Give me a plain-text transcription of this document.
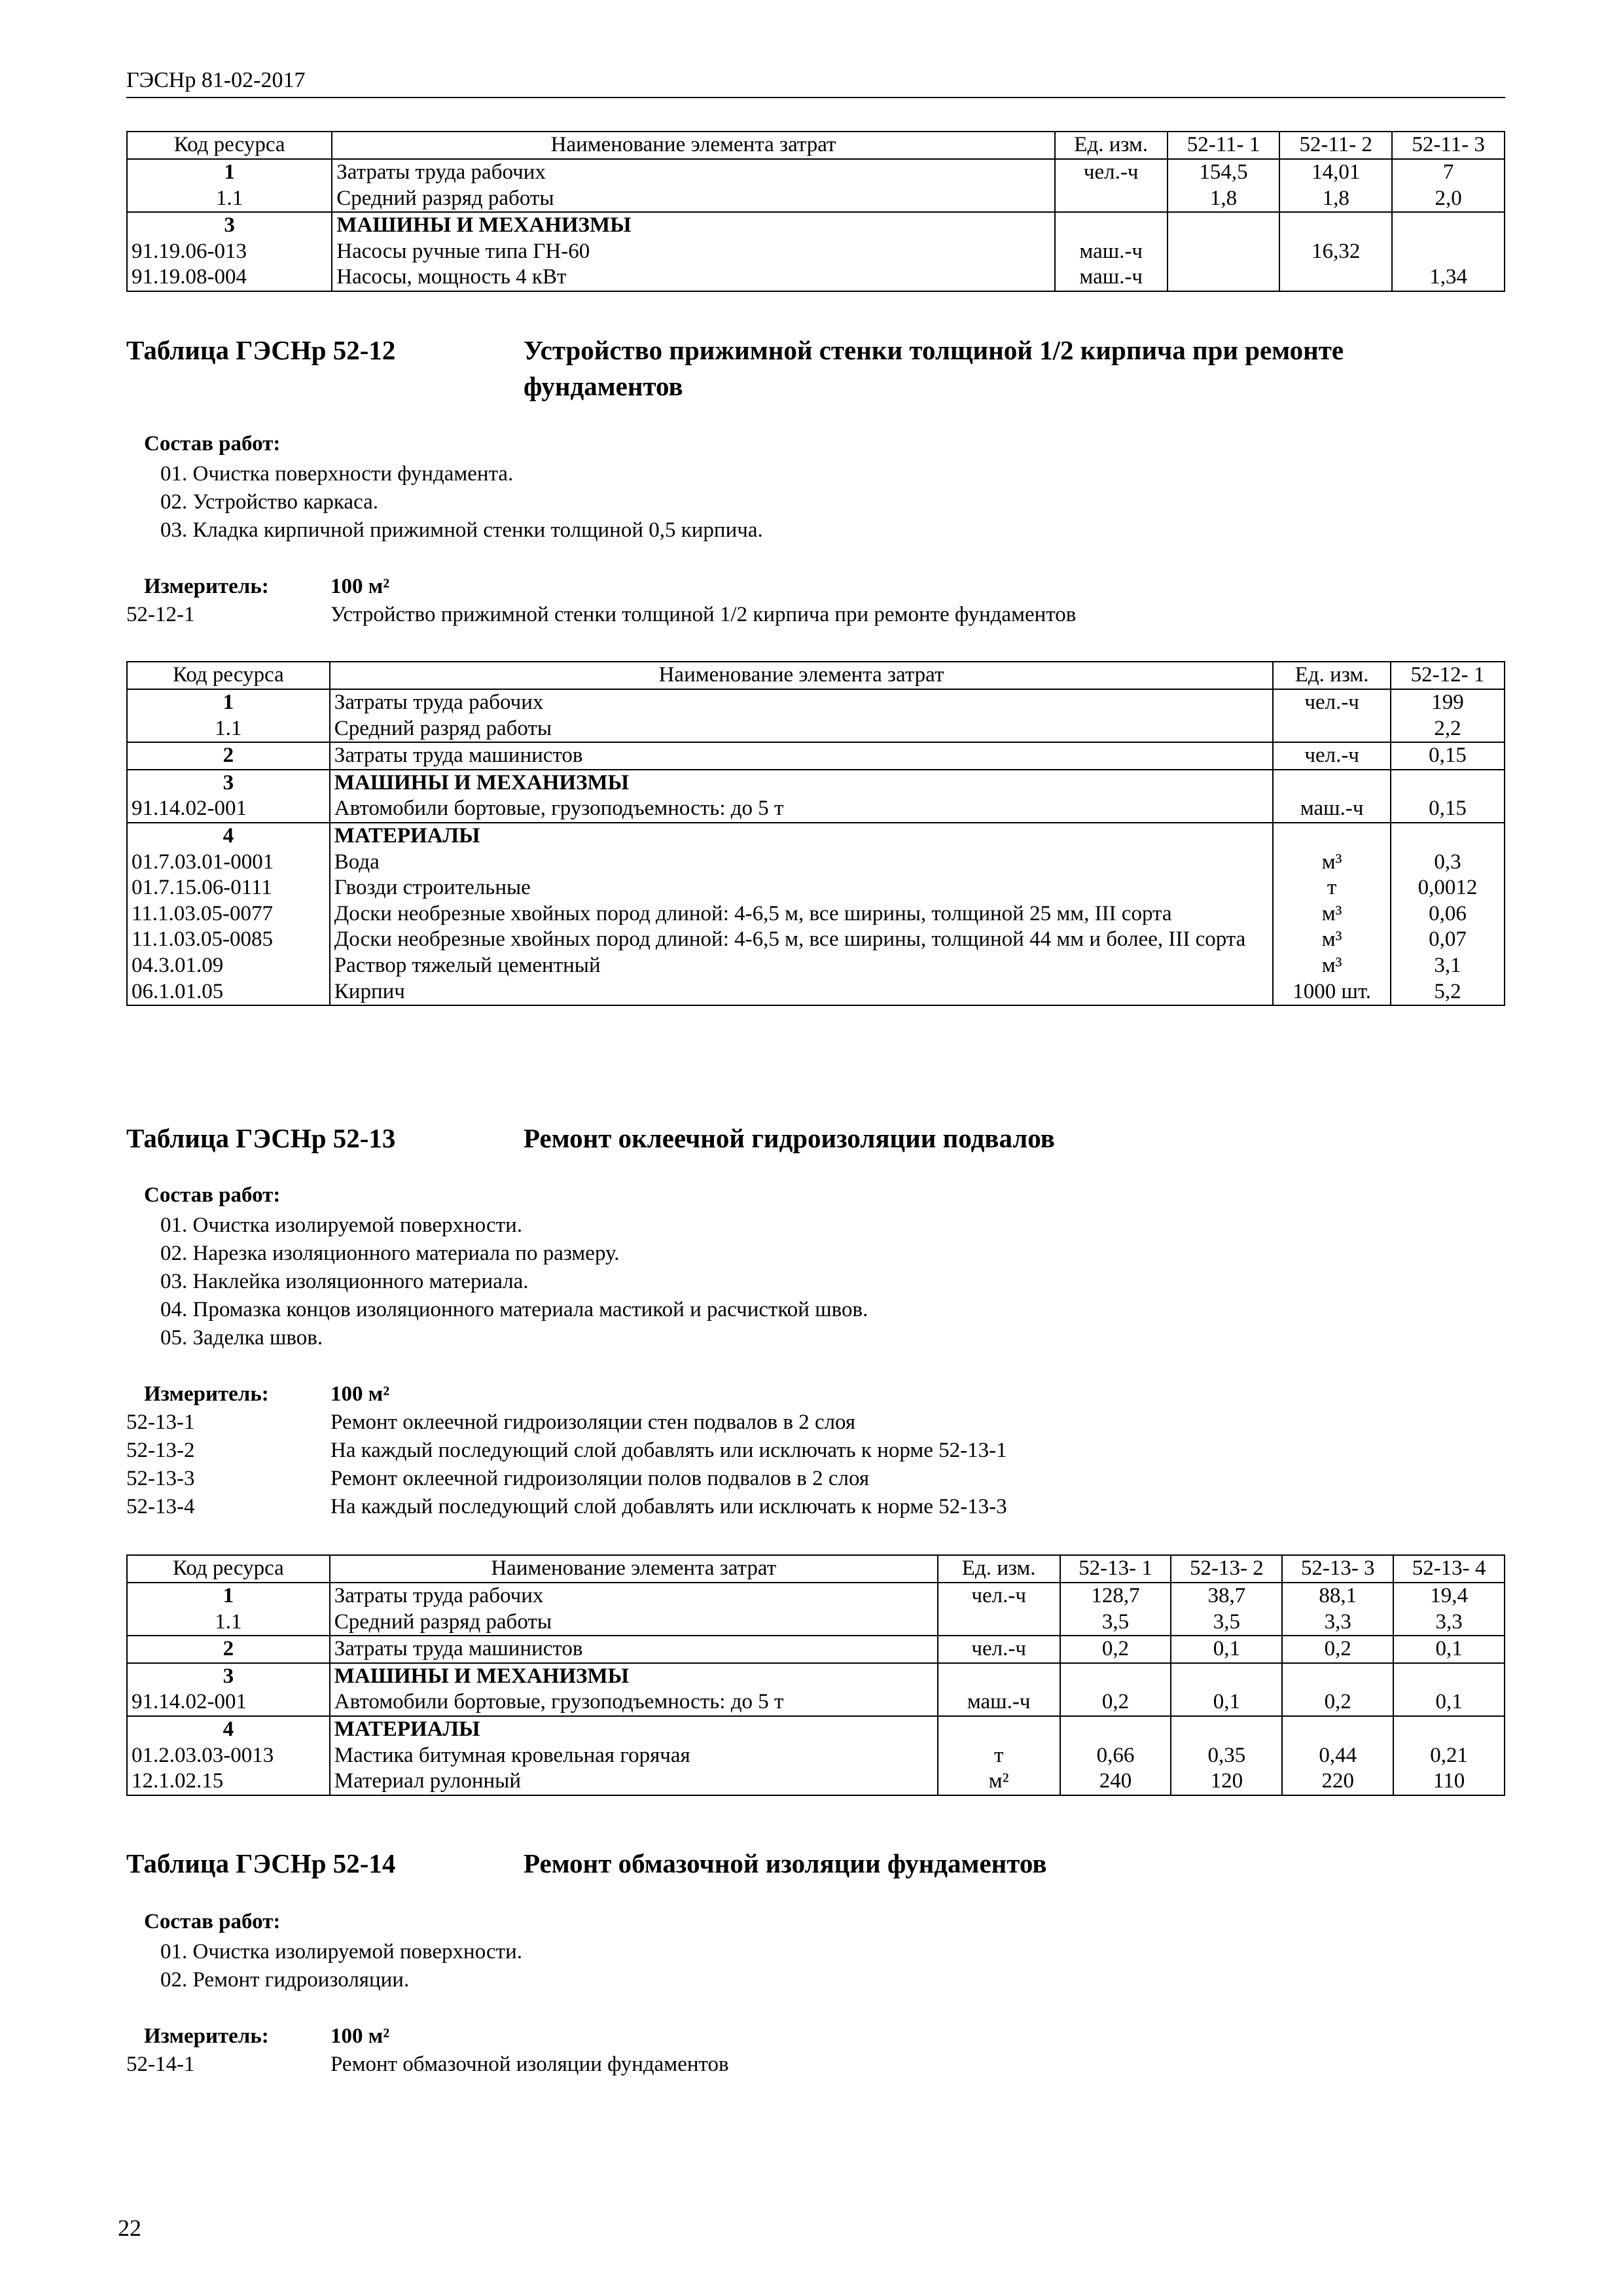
ГЭСНр 81-02-2017
Код ресурса	Наименование элемента затрат	Ед. изм.	52-11- 1	52-11- 2	52-11- 3
1	Затраты труда рабочих	чел.-ч	154,5	14,01	7
1.1	Средний разряд работы		1,8	1,8	2,0
3	МАШИНЫ И МЕХАНИЗМЫ				
91.19.06-013	Насосы ручные типа ГН-60	маш.-ч		16,32	
91.19.08-004	Насосы, мощность 4 кВт	маш.-ч			1,34
Таблица ГЭСНр 52-12	Устройство прижимной стенки толщиной 1/2 кирпича при ремонте фундаментов
Состав работ:
01. Очистка поверхности фундамента.
02. Устройство каркаса.
03. Кладка кирпичной прижимной стенки толщиной 0,5 кирпича.
Измеритель:	100 м²
52-12-1	Устройство прижимной стенки толщиной 1/2 кирпича при ремонте фундаментов
Код ресурса	Наименование элемента затрат	Ед. изм.	52-12- 1
1	Затраты труда рабочих	чел.-ч	199
1.1	Средний разряд работы		2,2
2	Затраты труда машинистов	чел.-ч	0,15
3	МАШИНЫ И МЕХАНИЗМЫ		
91.14.02-001	Автомобили бортовые, грузоподъемность: до 5 т	маш.-ч	0,15
4	МАТЕРИАЛЫ		
01.7.03.01-0001	Вода	м³	0,3
01.7.15.06-0111	Гвозди строительные	т	0,0012
11.1.03.05-0077	Доски необрезные хвойных пород длиной: 4-6,5 м, все ширины, толщиной 25 мм, III сорта	м³	0,06
11.1.03.05-0085	Доски необрезные хвойных пород длиной: 4-6,5 м, все ширины, толщиной 44 мм и более, III сорта	м³	0,07
04.3.01.09	Раствор тяжелый цементный	м³	3,1
06.1.01.05	Кирпич	1000 шт.	5,2
Таблица ГЭСНр 52-13	Ремонт оклеечной гидроизоляции подвалов
Состав работ:
01. Очистка изолируемой поверхности.
02. Нарезка изоляционного материала по размеру.
03. Наклейка изоляционного материала.
04. Промазка концов изоляционного материала мастикой и расчисткой швов.
05. Заделка швов.
Измеритель:	100 м²
52-13-1	Ремонт оклеечной гидроизоляции стен подвалов в 2 слоя
52-13-2	На каждый последующий слой добавлять или исключать к норме 52-13-1
52-13-3	Ремонт оклеечной гидроизоляции полов подвалов в 2 слоя
52-13-4	На каждый последующий слой добавлять или исключать к норме 52-13-3
Код ресурса	Наименование элемента затрат	Ед. изм.	52-13- 1	52-13- 2	52-13- 3	52-13- 4
1	Затраты труда рабочих	чел.-ч	128,7	38,7	88,1	19,4
1.1	Средний разряд работы		3,5	3,5	3,3	3,3
2	Затраты труда машинистов	чел.-ч	0,2	0,1	0,2	0,1
3	МАШИНЫ И МЕХАНИЗМЫ					
91.14.02-001	Автомобили бортовые, грузоподъемность: до 5 т	маш.-ч	0,2	0,1	0,2	0,1
4	МАТЕРИАЛЫ					
01.2.03.03-0013	Мастика битумная кровельная горячая	т	0,66	0,35	0,44	0,21
12.1.02.15	Материал рулонный	м²	240	120	220	110
Таблица ГЭСНр 52-14	Ремонт обмазочной изоляции фундаментов
Состав работ:
01. Очистка изолируемой поверхности.
02. Ремонт гидроизоляции.
Измеритель:	100 м²
52-14-1	Ремонт обмазочной изоляции фундаментов
22
